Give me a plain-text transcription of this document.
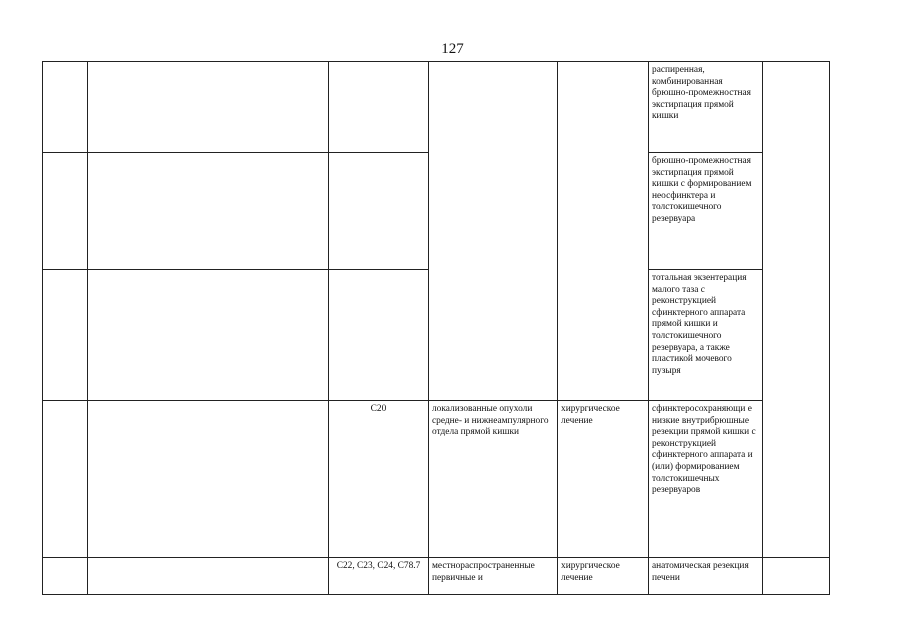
127
					распиренная, комбинированная брюшно-промежностная экстирпация прямой кишки	
					брюшно-промежностная экстирпация прямой кишки с формированием неосфинктера и толстокишечного резервуара	
					тотальная экзентерация малого таза с реконструкцией сфинктерного аппарата прямой кишки и толстокишечного резервуара, а также пластикой мочевого пузыря	
		C20	локализованные опухоли средне- и нижнеампулярного отдела прямой кишки	хирургическое лечение	сфинктеросохраняющи е низкие внутрибрюшные резекции прямой кишки с реконструкцией сфинктерного аппарата и (или) формированием толстокишечных резервуаров	
		C22, C23, C24, C78.7	местнораспространенные первичные и	хирургическое лечение	анатомическая резекция печени	
